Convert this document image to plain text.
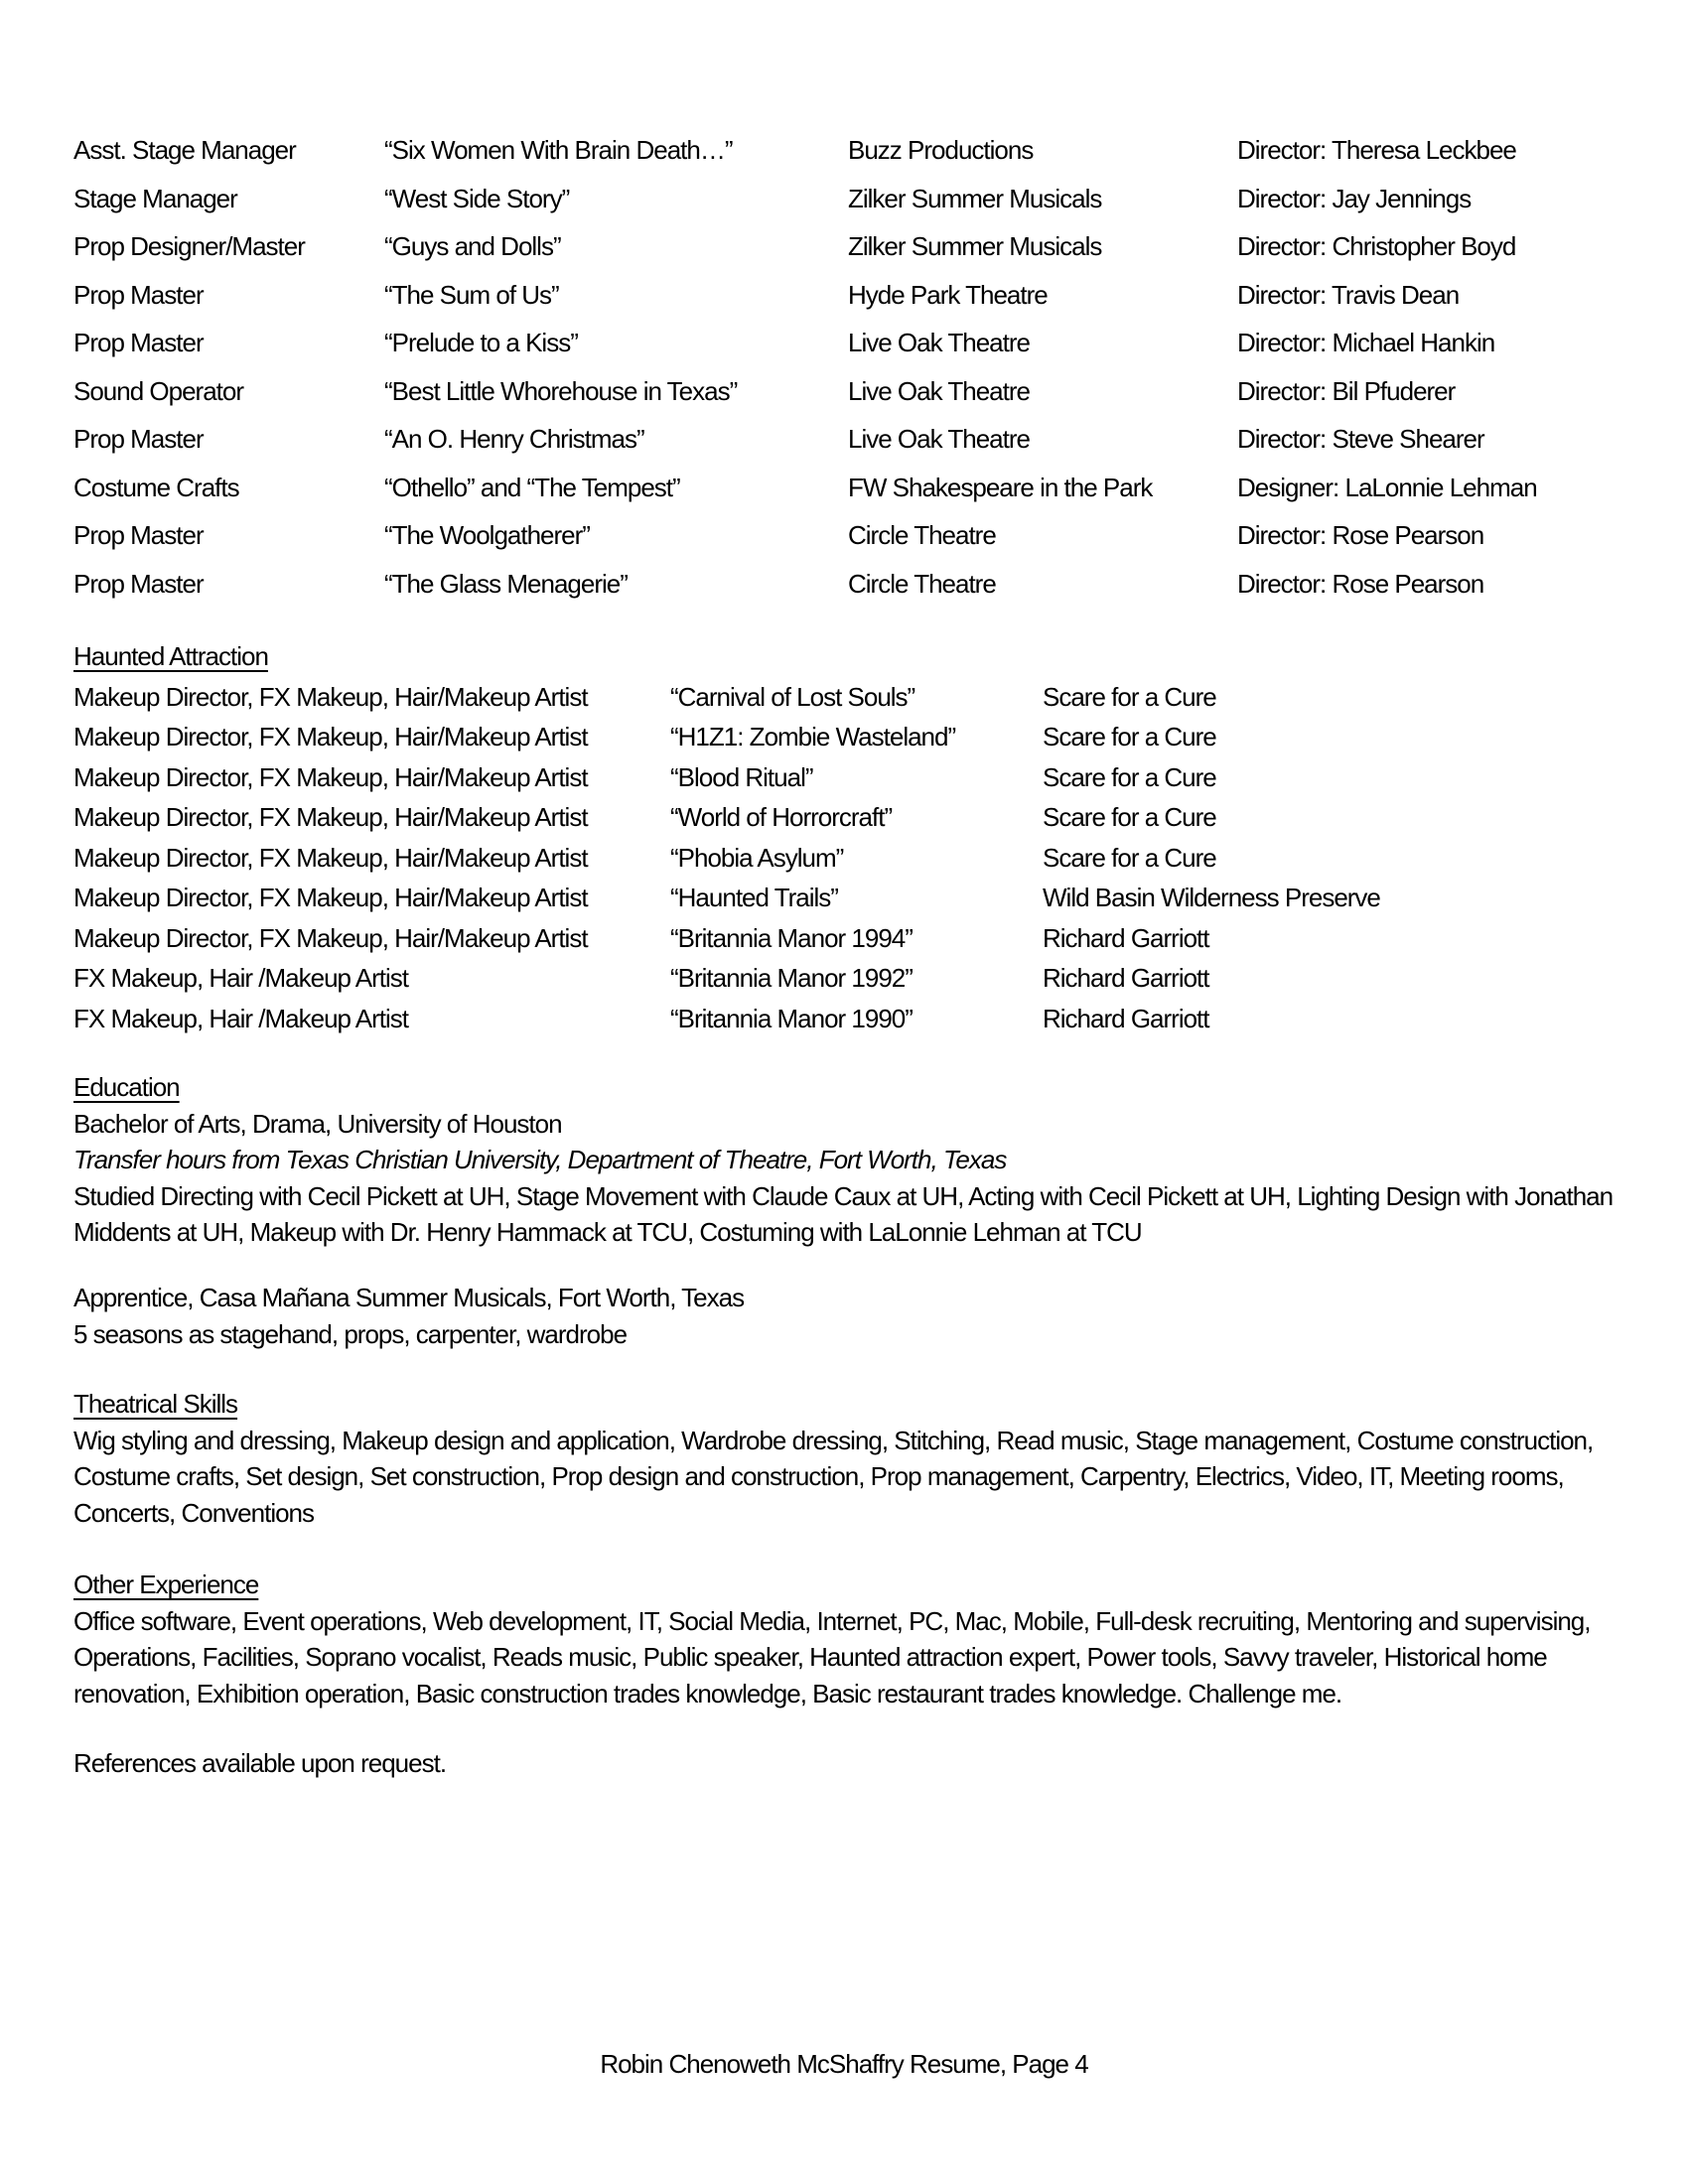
Asst. Stage Manager	“Six Women With Brain Death…”	Buzz Productions	Director: Theresa Leckbee
Stage Manager	“West Side Story”	Zilker Summer Musicals	Director: Jay Jennings
Prop Designer/Master	“Guys and Dolls”	Zilker Summer Musicals	Director: Christopher Boyd
Prop Master	“The Sum of Us”	Hyde Park Theatre	Director: Travis Dean
Prop Master	“Prelude to a Kiss”	Live Oak Theatre	Director: Michael Hankin
Sound Operator	“Best Little Whorehouse in Texas”	Live Oak Theatre	Director: Bil Pfuderer
Prop Master	“An O. Henry Christmas”	Live Oak Theatre	Director: Steve Shearer
Costume Crafts	“Othello” and “The Tempest”	FW Shakespeare in the Park	Designer: LaLonnie Lehman
Prop Master	“The Woolgatherer”	Circle Theatre	Director: Rose Pearson
Prop Master	“The Glass Menagerie”	Circle Theatre	Director: Rose Pearson
Haunted Attraction
Makeup Director, FX Makeup, Hair/Makeup Artist	“Carnival of Lost Souls”	Scare for a Cure
Makeup Director, FX Makeup, Hair/Makeup Artist	“H1Z1: Zombie Wasteland”	Scare for a Cure
Makeup Director, FX Makeup, Hair/Makeup Artist	“Blood Ritual”	Scare for a Cure
Makeup Director, FX Makeup, Hair/Makeup Artist	“World of Horrorcraft”	Scare for a Cure
Makeup Director, FX Makeup, Hair/Makeup Artist	“Phobia Asylum”	Scare for a Cure
Makeup Director, FX Makeup, Hair/Makeup Artist	“Haunted Trails”	Wild Basin Wilderness Preserve
Makeup Director, FX Makeup, Hair/Makeup Artist	“Britannia Manor 1994”	Richard Garriott
FX Makeup, Hair /Makeup Artist	“Britannia Manor 1992”	Richard Garriott
FX Makeup, Hair /Makeup Artist	“Britannia Manor 1990”	Richard Garriott

Education

Bachelor of Arts, Drama, University of Houston

Transfer hours from Texas Christian University, Department of Theatre, Fort Worth, Texas

Studied Directing with Cecil Pickett at UH, Stage Movement with Claude Caux at UH, Acting with Cecil Pickett at UH, Lighting Design with Jonathan Middents at UH, Makeup with Dr. Henry Hammack at TCU, Costuming with LaLonnie Lehman at TCU

Apprentice, Casa Mañana Summer Musicals, Fort Worth, Texas

5 seasons as stagehand, props, carpenter, wardrobe

Theatrical Skills

Wig styling and dressing, Makeup design and application, Wardrobe dressing, Stitching, Read music, Stage management, Costume construction, Costume crafts, Set design, Set construction, Prop design and construction, Prop management, Carpentry, Electrics, Video, IT, Meeting rooms, Concerts, Conventions

Other Experience

Office software, Event operations, Web development, IT, Social Media, Internet, PC, Mac, Mobile, Full-desk recruiting, Mentoring and supervising, Operations, Facilities, Soprano vocalist, Reads music, Public speaker, Haunted attraction expert, Power tools, Savvy traveler, Historical home renovation, Exhibition operation, Basic construction trades knowledge, Basic restaurant trades knowledge. Challenge me.

References available upon request.

Robin Chenoweth McShaffry Resume, Page 4
